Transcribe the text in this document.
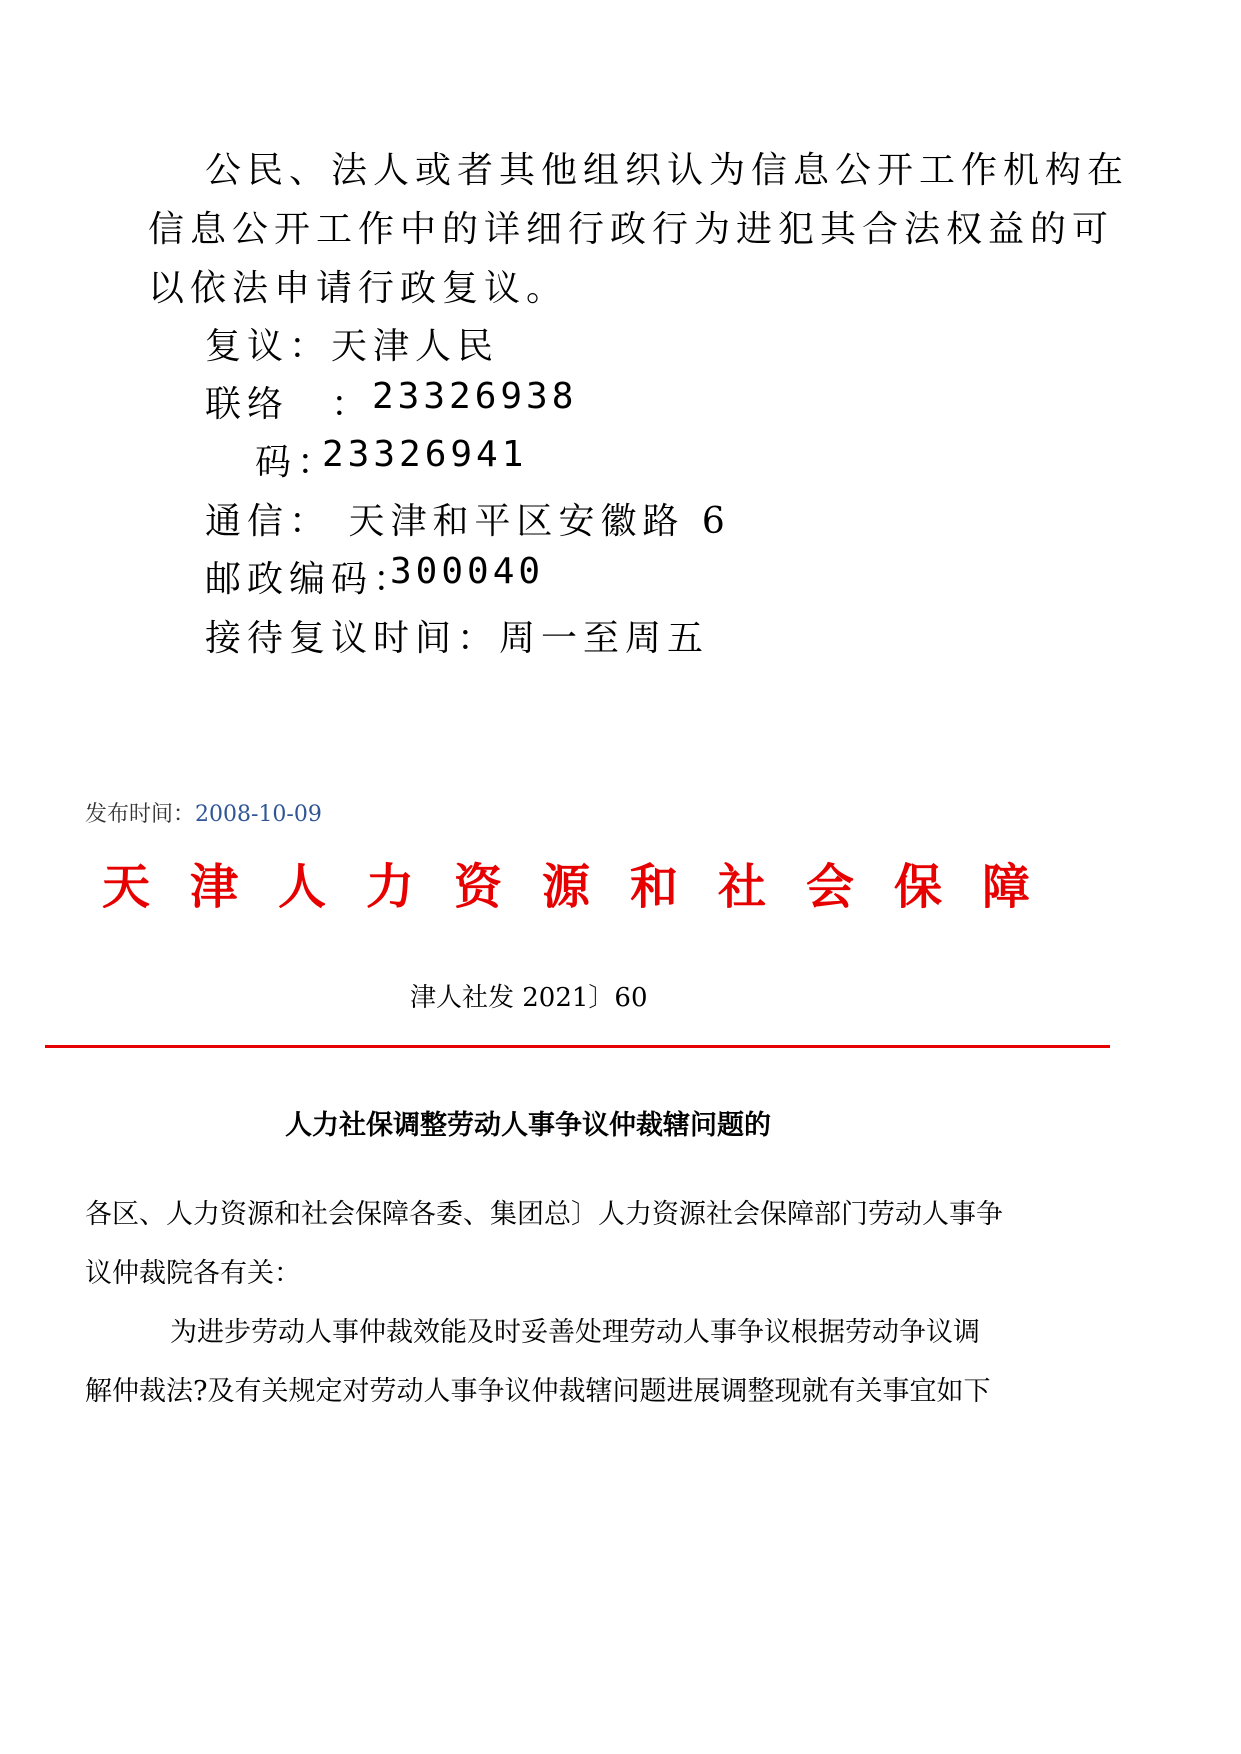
公民、法人或者其他组织认为信息公开工作机构在
信息公开工作中的详细行政行为进犯其合法权益的可
以依法申请行政复议。
复议：天津人民
联络　：
23326938
码：
23326941
通信： 天津和平区安徽路 6
邮政编码：
300040
接待复议时间：周一至周五
发布时间：2008-10-09
天 津 人 力 资 源 和 社 会 保 障
津人社发 2021〕60
人力社保调整劳动人事争议仲裁辖问题的
各区、人力资源和社会保障各委、集团总〕人力资源社会保障部门劳动人事争
议仲裁院各有关：
为进步劳动人事仲裁效能及时妥善处理劳动人事争议根据劳动争议调
解仲裁法?及有关规定对劳动人事争议仲裁辖问题进展调整现就有关事宜如下
